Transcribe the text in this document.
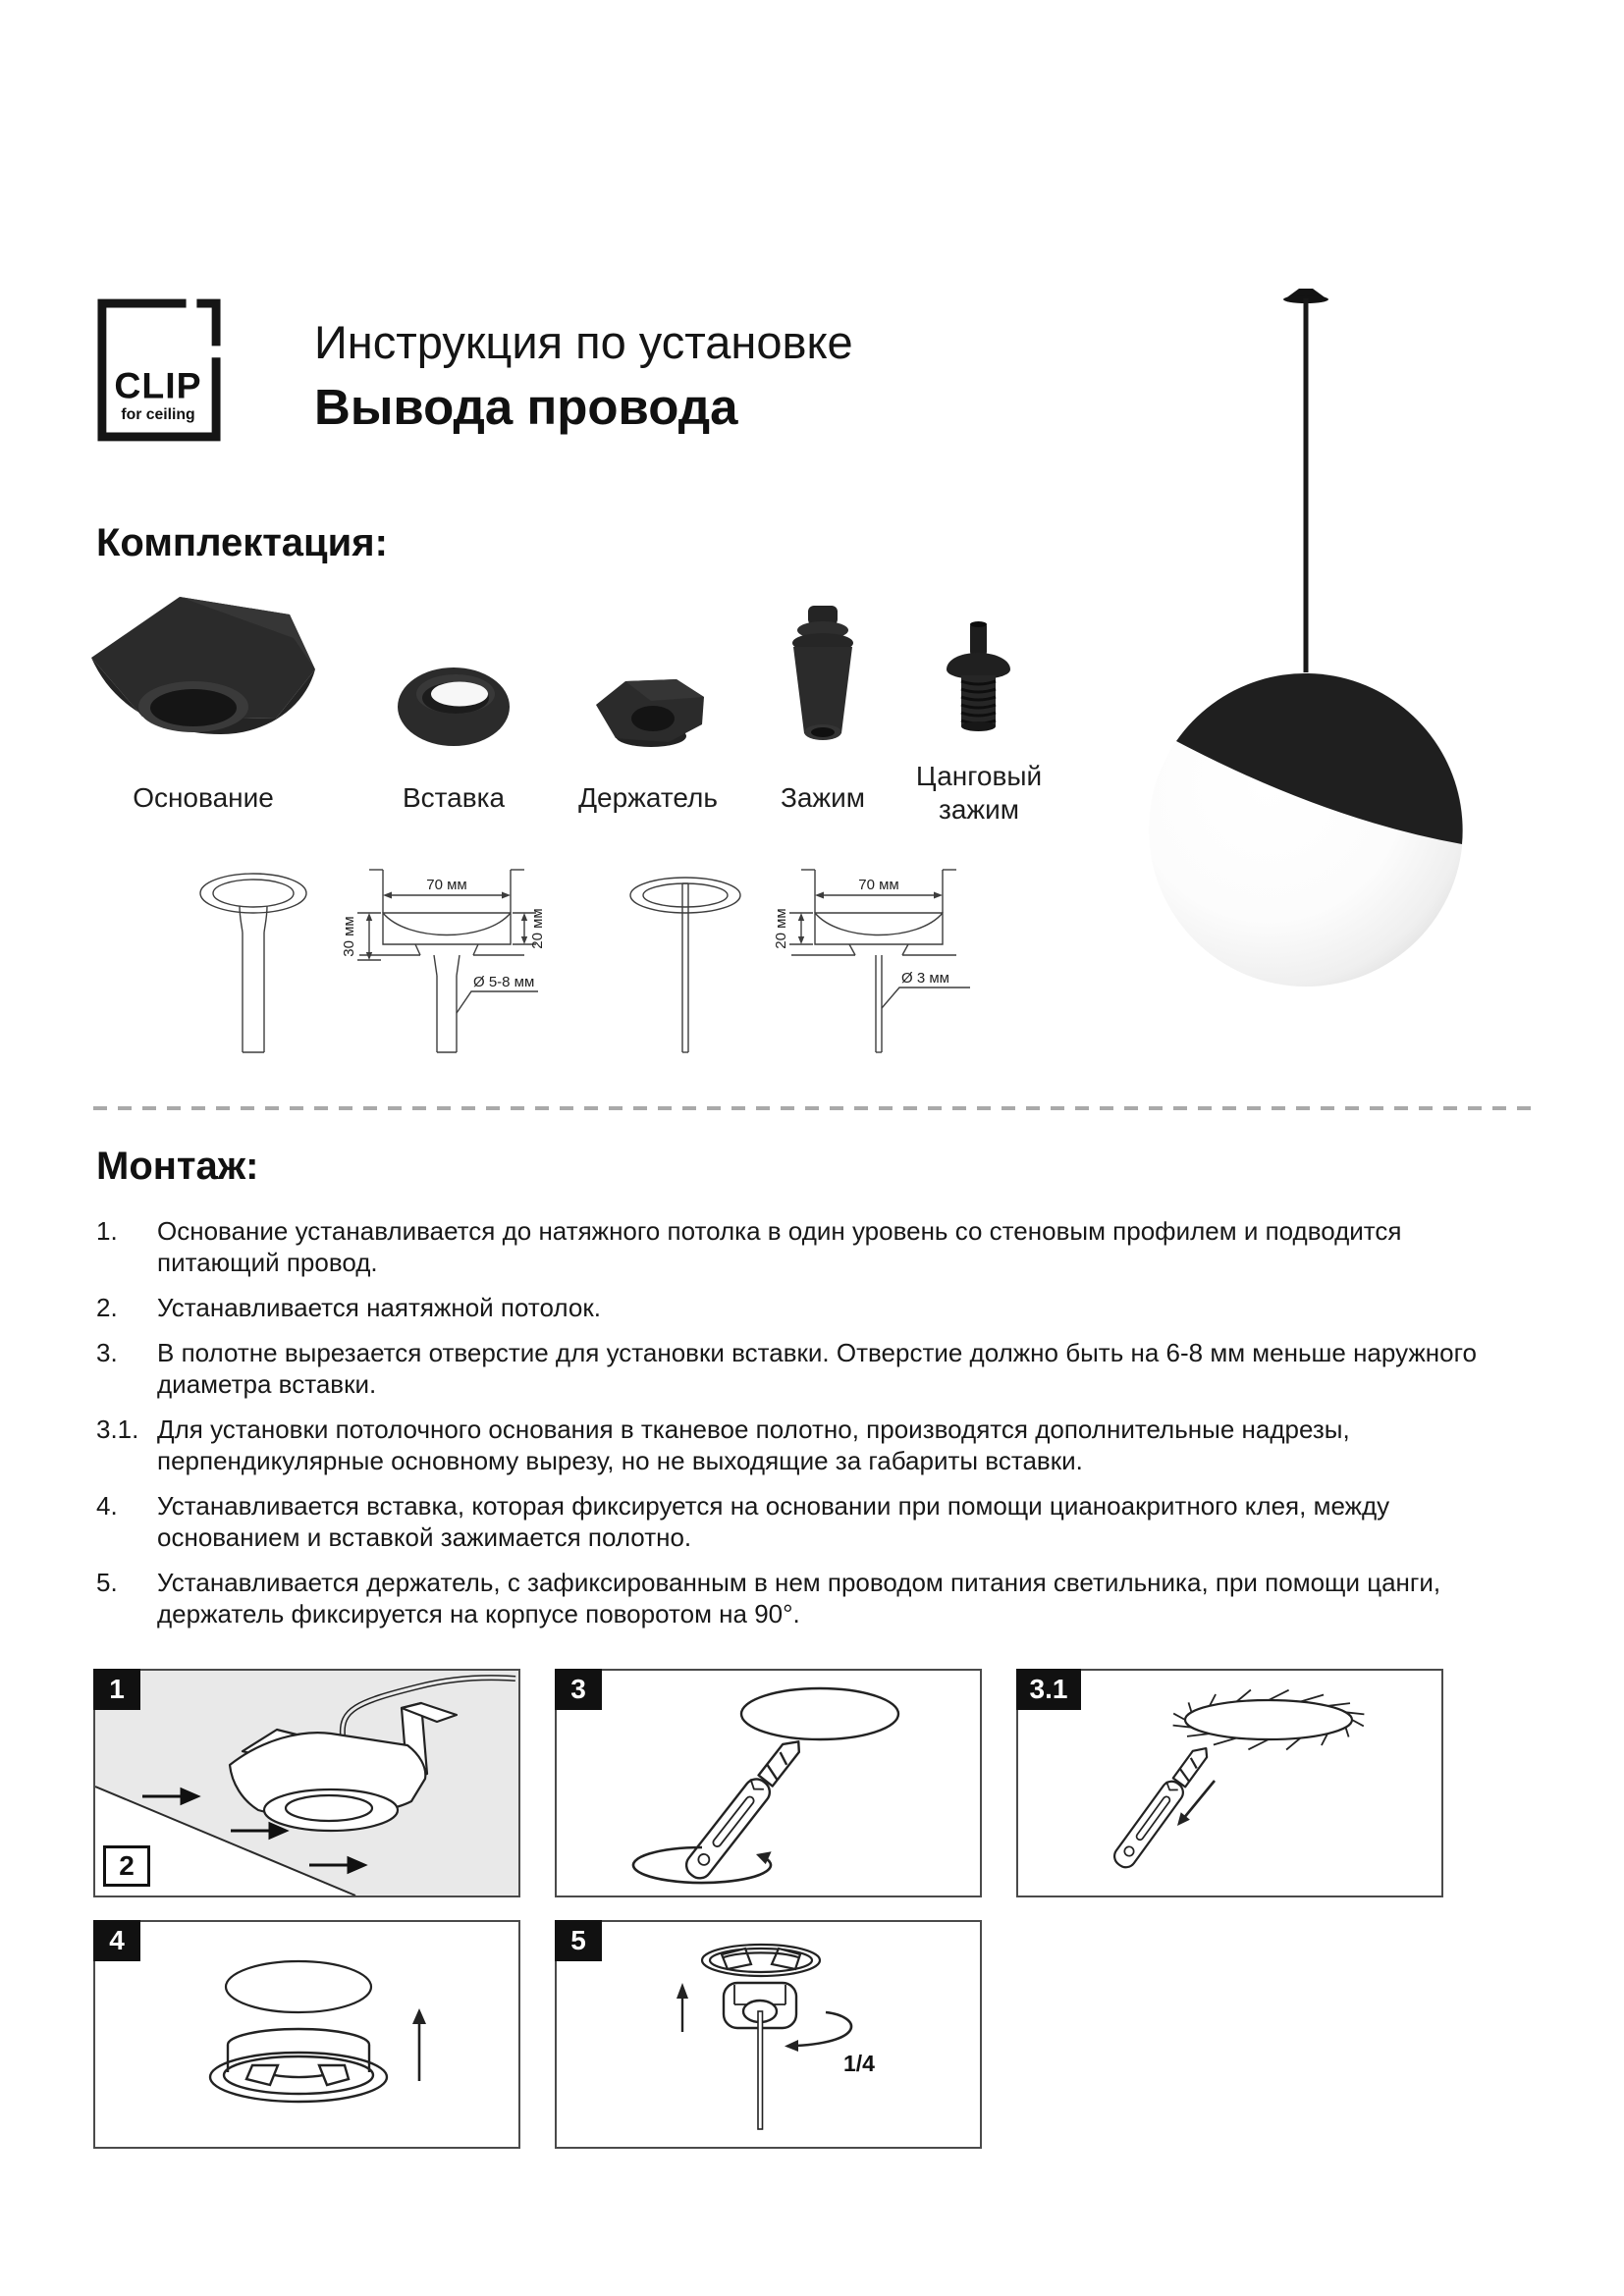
CLIP
for ceiling
Инструкция по установке
Вывода провода
Комплектация:
Основание	Вставка	Держатель Зажим
Цанговый зажим
70 мм
30 мм	20 мм
Ø 5-8 мм
70 мм
20 мм
Ø 3 мм
Монтаж:
1.	Основание устанавливается до натяжного потолка в один уровень со стеновым профилем и подводится питающий провод.
2.	Устанавливается наятяжной потолок.
3.	В полотне вырезается отверстие для установки вставки. Отверстие должно быть на 6-8 мм меньше наружного диаметра вставки.
3.1. Для установки потолочного основания в тканевое полотно, производятся дополнительные надрезы, перпендикулярные основному вырезу, но не выходящие за габариты вставки.
4.	Устанавливается вставка, которая фиксируется на основании при помощи цианоакритного клея, между основанием и вставкой зажимается полотно.
5.	Устанавливается держатель, с зафиксированным в нем проводом питания светильника, при помощи цанги, держатель фиксируется на корпусе поворотом на 90°.
1
2
3	3.1
4
1/4
5
